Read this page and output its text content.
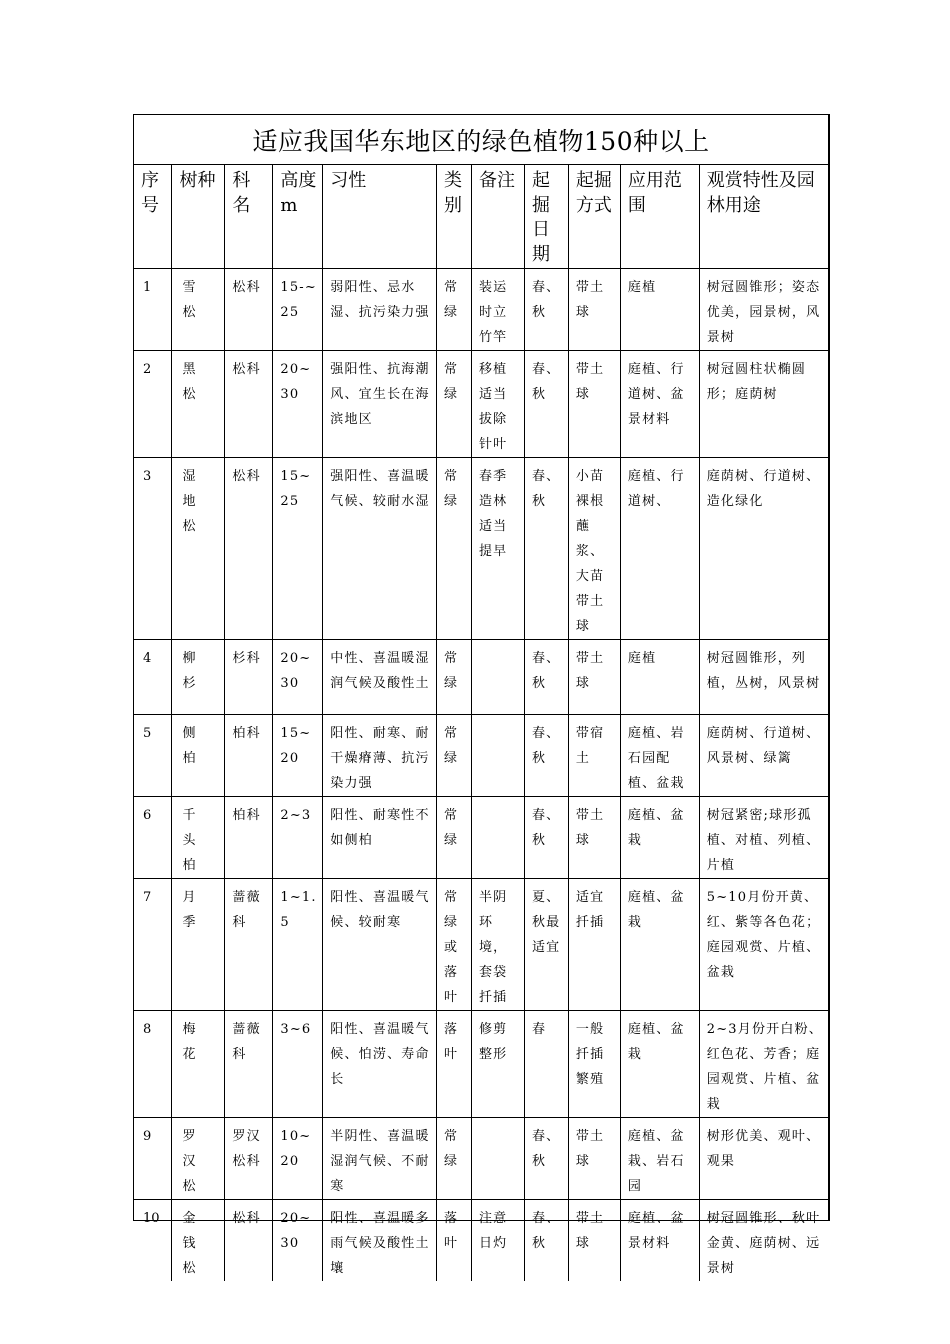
适应我国华东地区的绿色植物150种以上
序号	树种	科名	高度m	习性	类别	备注	起掘日期	起掘方式	应用范围	观赏特性及园林用途

1	雪松	松科	15-~25	弱阳性、忌水湿、抗污染力强	常绿	装运时立竹竿	春、秋	带土球	庭植	树冠圆锥形；姿态优美，园景树，风景树

2	黑松	松科	20~30	强阳性、抗海潮风、宜生长在海滨地区	常绿	移植适当拔除针叶	春、秋	带土球	庭植、行道树、盆景材料	树冠圆柱状椭圆形；庭荫树

3	湿地松	松科	15~25	强阳性、喜温暖气候、较耐水湿	常绿	春季造林适当提早	春、秋	小苗裸根蘸浆、大苗带土球	庭植、行道树、	庭荫树、行道树、造化绿化

4	柳杉	杉科	20~30	中性、喜温暖湿润气候及酸性土	常绿		春、秋	带土球	庭植	树冠圆锥形，列植，丛树，风景树

5	侧柏	柏科	15~20	阳性、耐寒、耐干燥瘠薄、抗污染力强	常绿		春、秋	带宿土	庭植、岩石园配植、盆栽	庭荫树、行道树、风景树、绿篱

6	千头柏	柏科	2~3	阳性、耐寒性不如侧柏	常绿		春、秋	带土球	庭植、盆栽	树冠紧密;球形孤植、对植、列植、片植

7	月季	蔷薇科	1~1.5	阳性、喜温暖气候、较耐寒	常绿或落叶	半阴环境，套袋扦插	夏、秋最适宜	适宜扦插	庭植、盆栽	5~10月份开黄、红、紫等各色花；庭园观赏、片植、盆栽

8	梅花	蔷薇科	3~6	阳性、喜温暖气候、怕涝、寿命长	落叶	修剪整形	春	一般扦插繁殖	庭植、盆栽	2~3月份开白粉、红色花、芳香；庭园观赏、片植、盆栽

9	罗汉松	罗汉松科	10~20	半阴性、喜温暖湿润气候、不耐寒	常绿		春、秋	带土球	庭植、盆栽、岩石园	树形优美、观叶、观果

10	金钱松	松科	20~30	阳性、喜温暖多雨气候及酸性土壤	落叶	注意日灼	春、秋	带土球	庭植、盆景材料	树冠圆锥形、秋叶金黄、庭荫树、远景树
